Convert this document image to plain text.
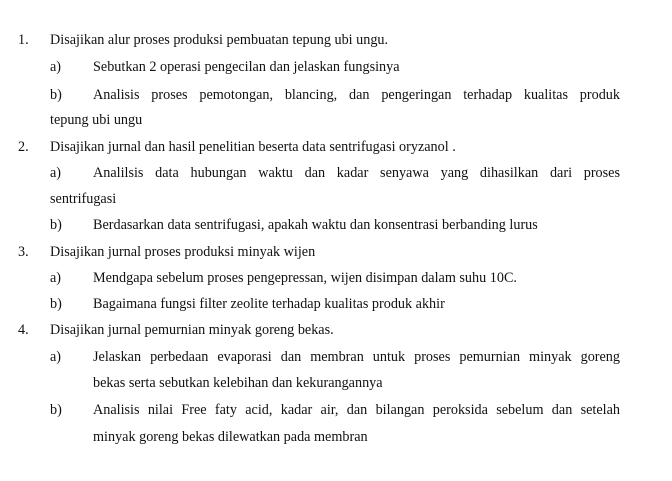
1. Disajikan alur proses produksi pembuatan tepung ubi ungu.
a) Sebutkan 2 operasi pengecilan dan jelaskan fungsinya
b) Analisis proses pemotongan, blancing, dan pengeringan terhadap kualitas produk
tepung ubi ungu
2. Disajikan jurnal dan hasil penelitian beserta data sentrifugasi oryzanol .
a) Analilsis data hubungan waktu dan kadar senyawa yang dihasilkan dari proses
sentrifugasi
b) Berdasarkan data sentrifugasi, apakah waktu dan konsentrasi berbanding lurus
3. Disajikan jurnal proses produksi minyak wijen
a) Mendgapa sebelum proses pengepressan, wijen disimpan dalam suhu 10C.
b) Bagaimana fungsi filter zeolite terhadap kualitas produk akhir
4. Disajikan jurnal pemurnian minyak goreng bekas.
a) Jelaskan perbedaan evaporasi dan membran untuk proses pemurnian minyak goreng
bekas serta sebutkan kelebihan dan kekurangannya
b) Analisis nilai Free faty acid, kadar air, dan bilangan peroksida sebelum dan setelah
minyak goreng bekas dilewatkan pada membran
